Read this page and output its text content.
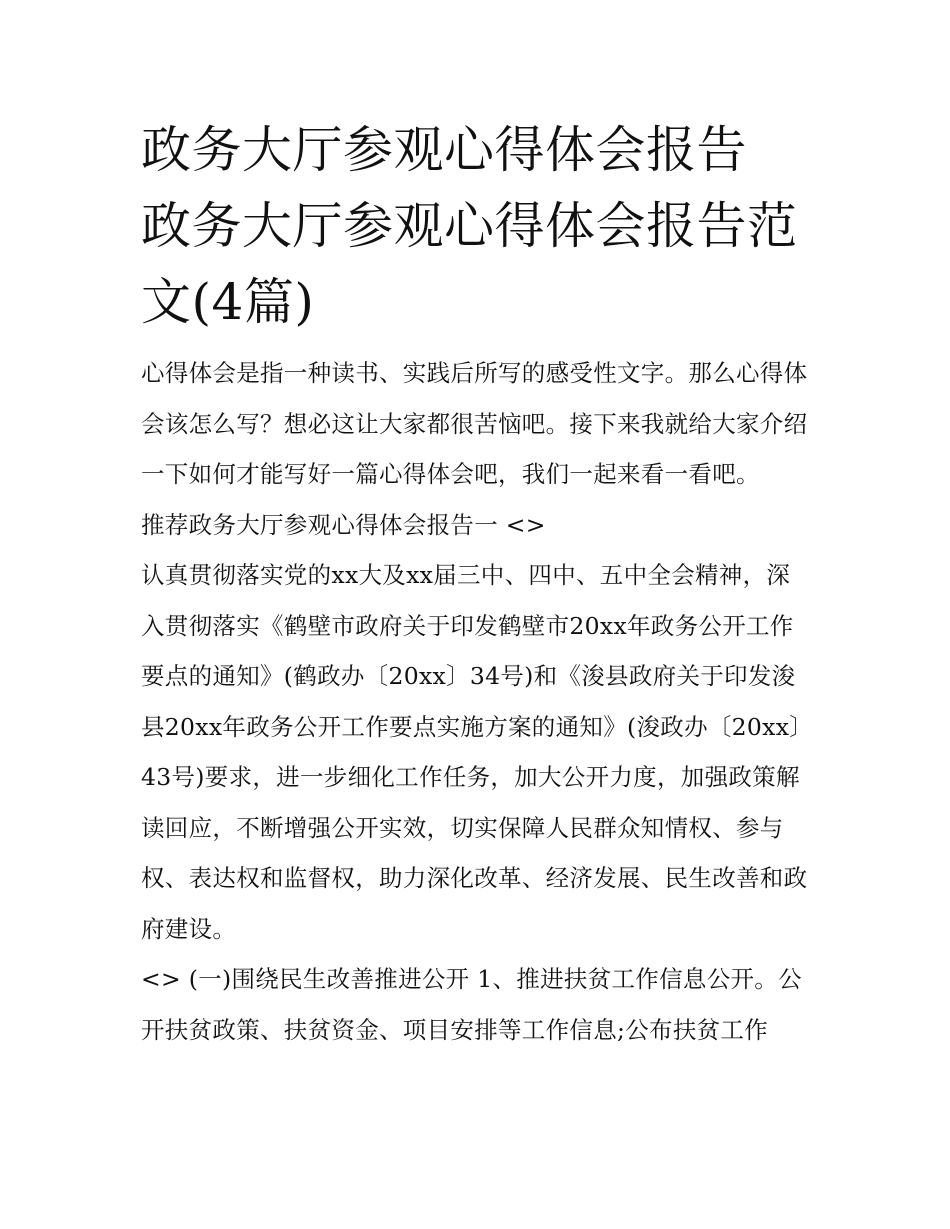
政务大厅参观心得体会报告 政务大厅参观心得体会报告范文(4篇)

心得体会是指一种读书、实践后所写的感受性文字。那么心得体会该怎么写？想必这让大家都很苦恼吧。接下来我就给大家介绍一下如何才能写好一篇心得体会吧，我们一起来看一看吧。

推荐政务大厅参观心得体会报告一 <>

认真贯彻落实党的xx大及xx届三中、四中、五中全会精神，深入贯彻落实《鹤壁市政府关于印发鹤壁市20xx年政务公开工作要点的通知》(鹤政办〔20xx〕34号)和《浚县政府关于印发浚县20xx年政务公开工作要点实施方案的通知》(浚政办〔20xx〕43号)要求，进一步细化工作任务，加大公开力度，加强政策解读回应，不断增强公开实效，切实保障人民群众知情权、参与权、表达权和监督权，助力深化改革、经济发展、民生改善和政府建设。

<> (一)围绕民生改善推进公开 1、推进扶贫工作信息公开。公开扶贫政策、扶贫资金、项目安排等工作信息;公布扶贫工作
